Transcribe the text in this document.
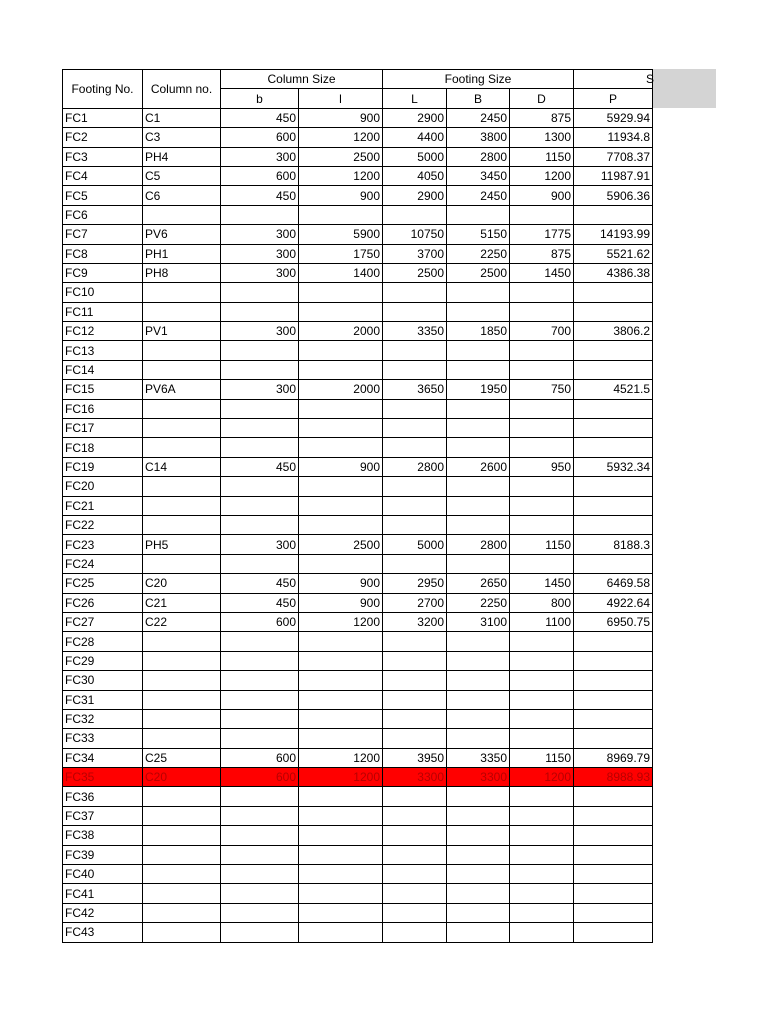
Footing No.	Column no.	Column Size		Footing Size			S
		b	l	L	B	D	P
FC1	C1	450	900	2900	2450	875	5929.94
FC2	C3	600	1200	4400	3800	1300	11934.8
FC3	PH4	300	2500	5000	2800	1150	7708.37
FC4	C5	600	1200	4050	3450	1200	11987.91
FC5	C6	450	900	2900	2450	900	5906.36
FC6							
FC7	PV6	300	5900	10750	5150	1775	14193.99
FC8	PH1	300	1750	3700	2250	875	5521.62
FC9	PH8	300	1400	2500	2500	1450	4386.38
FC10							
FC11							
FC12	PV1	300	2000	3350	1850	700	3806.2
FC13							
FC14							
FC15	PV6A	300	2000	3650	1950	750	4521.5
FC16							
FC17							
FC18							
FC19	C14	450	900	2800	2600	950	5932.34
FC20							
FC21							
FC22							
FC23	PH5	300	2500	5000	2800	1150	8188.3
FC24							
FC25	C20	450	900	2950	2650	1450	6469.58
FC26	C21	450	900	2700	2250	800	4922.64
FC27	C22	600	1200	3200	3100	1100	6950.75
FC28							
FC29							
FC30							
FC31							
FC32							
FC33							
FC34	C25	600	1200	3950	3350	1150	8969.79
FC35	C20	600	1200	3300	3300	1200	8988.93
FC36							
FC37							
FC38							
FC39							
FC40							
FC41							
FC42							
FC43							
